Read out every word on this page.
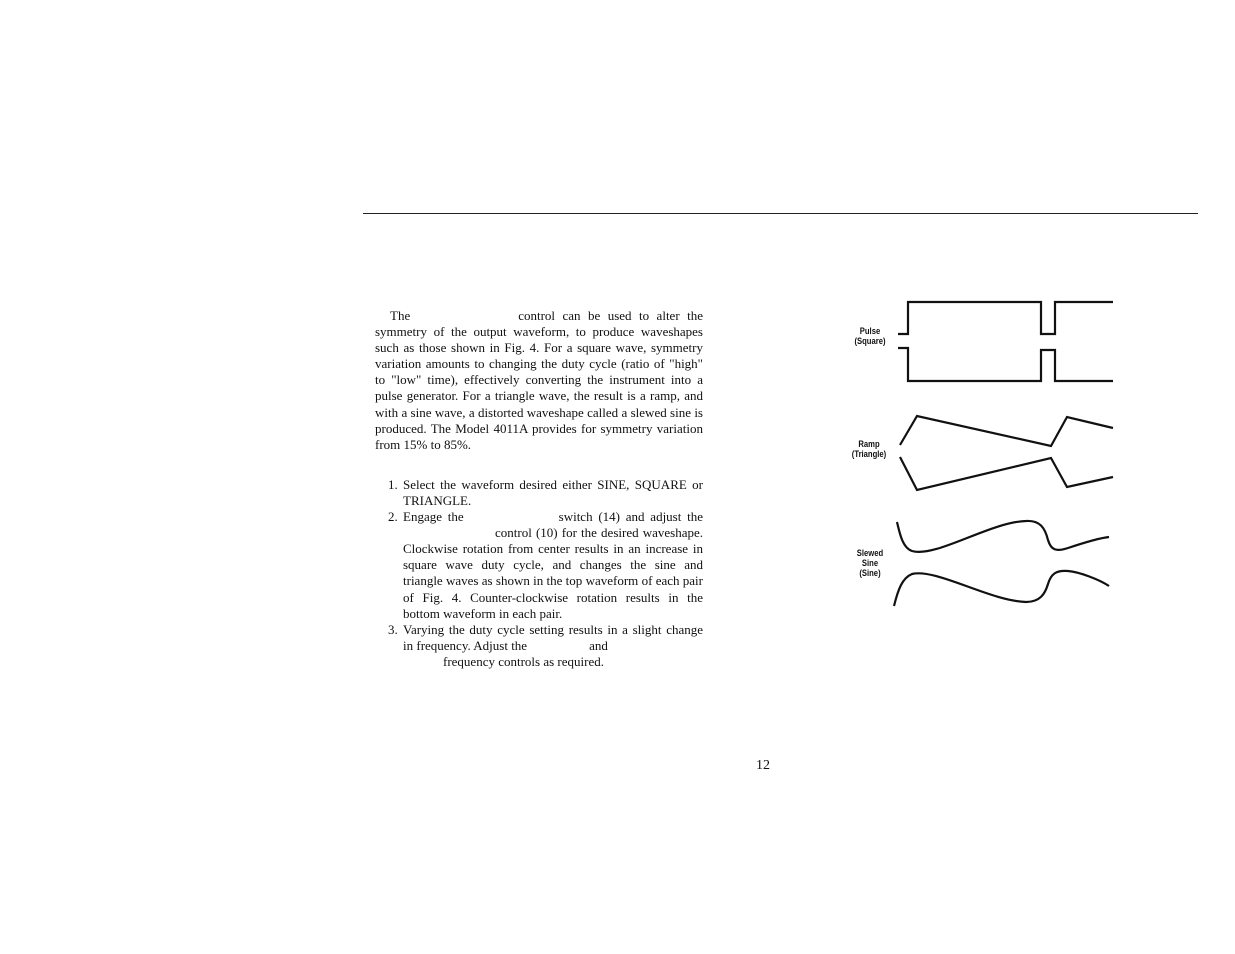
The	control can be used to alter the symmetry of the output waveform, to produce waveshapes such as those shown in Fig. 4. For a square wave, symmetry variation amounts to changing the duty cycle (ratio of "high" to "low" time), effectively converting the instrument into a pulse generator. For a triangle wave, the result is a ramp, and with a sine wave, a distorted waveshape called a slewed sine is produced. The Model 4011A provides for symmetry variation from 15% to 85%.

1. Select the waveform desired either SINE, SQUARE or TRIANGLE.
2. Engage the	switch (14) and adjust thecontrol (10) for the desired waveshape. Clockwise rotation from center results in an increase in square wave duty cycle, and changes the sine and triangle waves as shown in the top waveform of each pair of Fig. 4. Counter-clockwise rotation results in the bottom waveform in each pair.
3. Varying the duty cycle setting results in a slight change in frequency. Adjust the	and
frequency controls as required.
Pulse
(Square)
Ramp
(Triangle)
Slewed
Sine
(Sine)
12
